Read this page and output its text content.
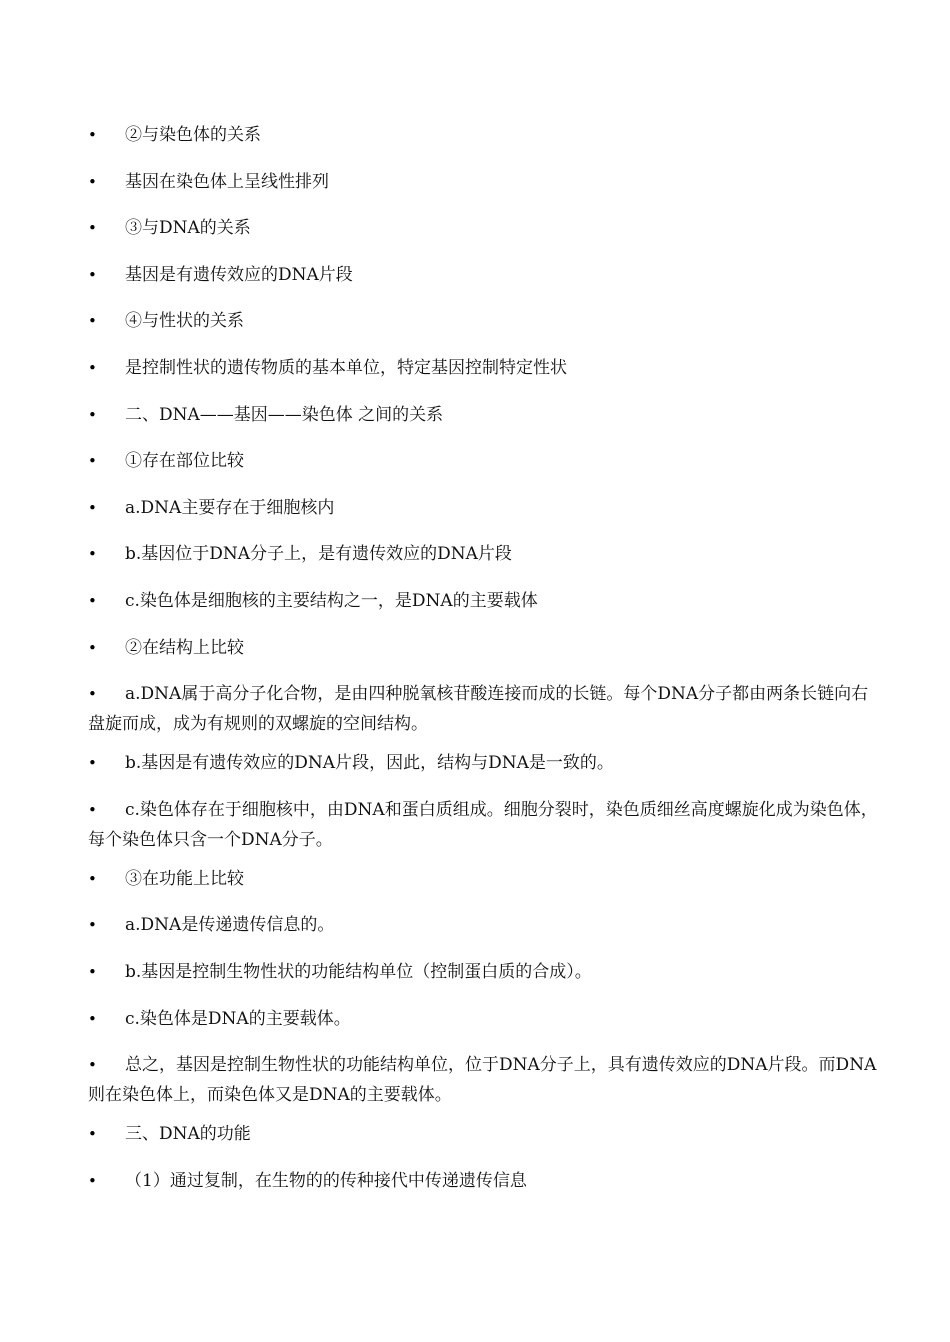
• ②与染色体的关系
• 基因在染色体上呈线性排列
• ③与DNA的关系
• 基因是有遗传效应的DNA片段
• ④与性状的关系
• 是控制性状的遗传物质的基本单位，特定基因控制特定性状
• 二、DNA——基因——染色体 之间的关系
• ①存在部位比较
• a.DNA主要存在于细胞核内
• b.基因位于DNA分子上，是有遗传效应的DNA片段
• c.染色体是细胞核的主要结构之一，是DNA的主要载体
• ②在结构上比较
• a.DNA属于高分子化合物，是由四种脱氧核苷酸连接而成的长链。每个DNA分子都由两条长链向右盘旋而成，成为有规则的双螺旋的空间结构。
• b.基因是有遗传效应的DNA片段，因此，结构与DNA是一致的。
• c.染色体存在于细胞核中，由DNA和蛋白质组成。细胞分裂时，染色质细丝高度螺旋化成为染色体，每个染色体只含一个DNA分子。
• ③在功能上比较
• a.DNA是传递遗传信息的。
• b.基因是控制生物性状的功能结构单位（控制蛋白质的合成）。
• c.染色体是DNA的主要载体。
• 总之，基因是控制生物性状的功能结构单位，位于DNA分子上，具有遗传效应的DNA片段。而DNA则在染色体上，而染色体又是DNA的主要载体。
• 三、DNA的功能
• （1）通过复制，在生物的的传种接代中传递遗传信息
